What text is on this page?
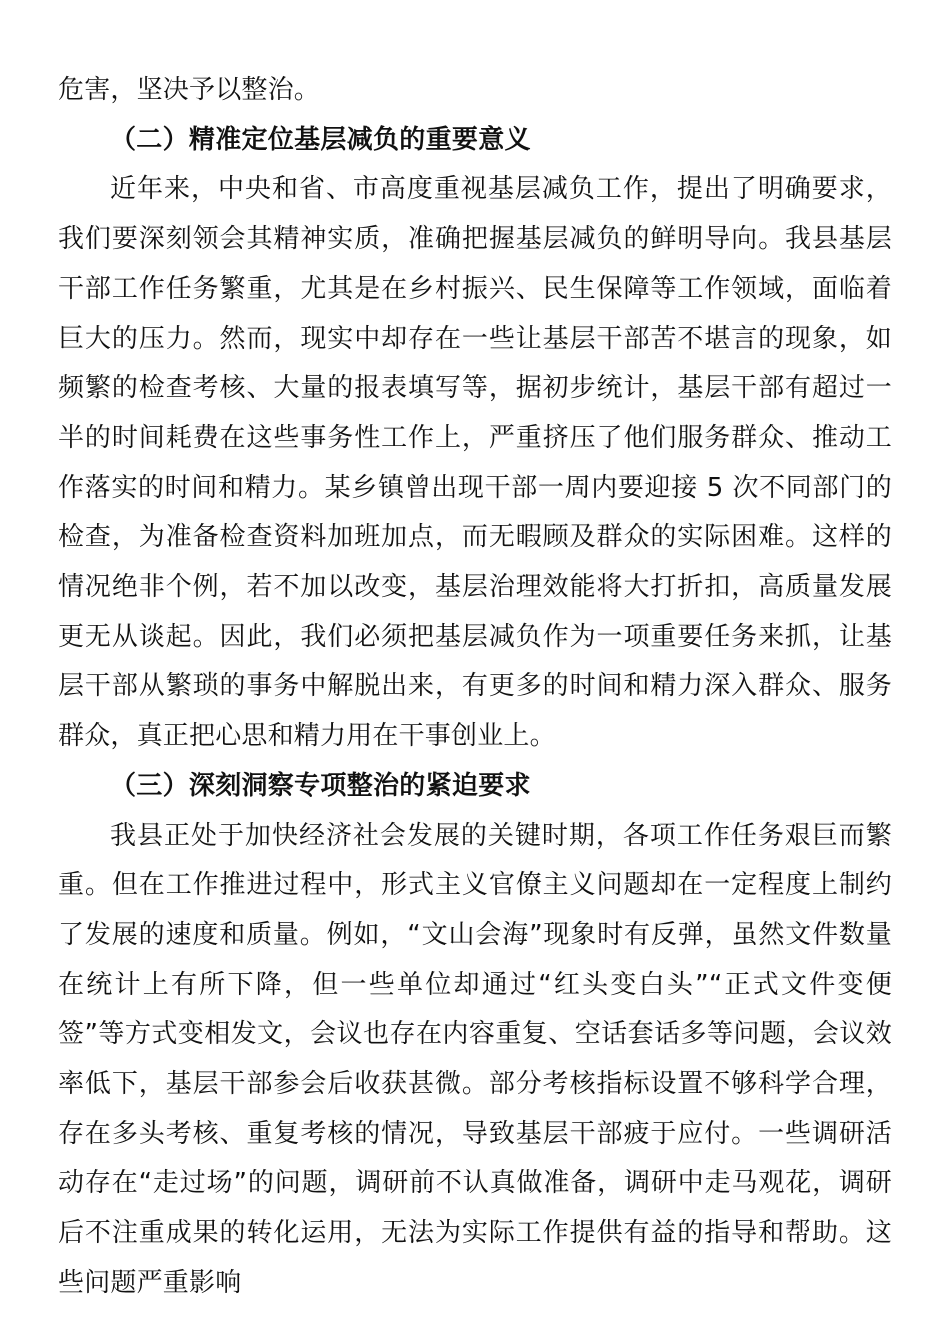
危害，坚决予以整治。

（二）精准定位基层减负的重要意义

近年来，中央和省、市高度重视基层减负工作，提出了明确要求，我们要深刻领会其精神实质，准确把握基层减负的鲜明导向。我县基层干部工作任务繁重，尤其是在乡村振兴、民生保障等工作领域，面临着巨大的压力。然而，现实中却存在一些让基层干部苦不堪言的现象，如频繁的检查考核、大量的报表填写等，据初步统计，基层干部有超过一半的时间耗费在这些事务性工作上，严重挤压了他们服务群众、推动工作落实的时间和精力。某乡镇曾出现干部一周内要迎接 5 次不同部门的检查，为准备检查资料加班加点，而无暇顾及群众的实际困难。这样的情况绝非个例，若不加以改变，基层治理效能将大打折扣，高质量发展更无从谈起。因此，我们必须把基层减负作为一项重要任务来抓，让基层干部从繁琐的事务中解脱出来，有更多的时间和精力深入群众、服务群众，真正把心思和精力用在干事创业上。

（三）深刻洞察专项整治的紧迫要求

我县正处于加快经济社会发展的关键时期，各项工作任务艰巨而繁重。但在工作推进过程中，形式主义官僚主义问题却在一定程度上制约了发展的速度和质量。例如，“文山会海”现象时有反弹，虽然文件数量在统计上有所下降，但一些单位却通过“红头变白头”“正式文件变便签”等方式变相发文，会议也存在内容重复、空话套话多等问题，会议效率低下，基层干部参会后收获甚微。部分考核指标设置不够科学合理，存在多头考核、重复考核的情况，导致基层干部疲于应付。一些调研活动存在“走过场”的问题，调研前不认真做准备，调研中走马观花，调研后不注重成果的转化运用，无法为实际工作提供有益的指导和帮助。这些问题严重影响
